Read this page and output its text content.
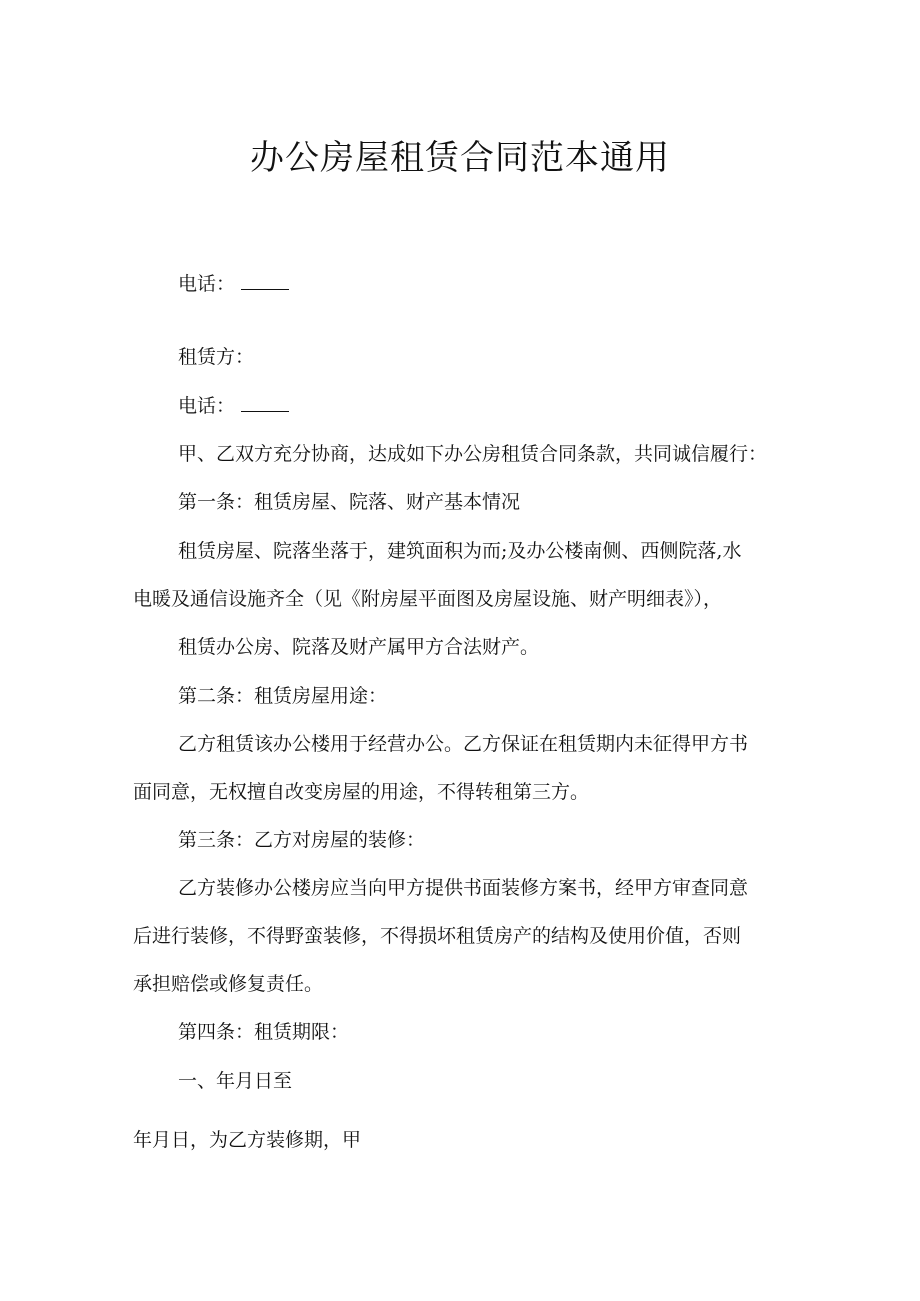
办公房屋租赁合同范本通用

电话：

租赁方：

电话：

甲、乙双方充分协商，达成如下办公房租赁合同条款，共同诚信履行：

第一条：租赁房屋、院落、财产基本情况

租赁房屋、院落坐落于，建筑面积为而;及办公楼南侧、西侧院落,水

电暖及通信设施齐全（见《附房屋平面图及房屋设施、财产明细表》），

租赁办公房、院落及财产属甲方合法财产。

第二条：租赁房屋用途：

乙方租赁该办公楼用于经营办公。乙方保证在租赁期内未征得甲方书

面同意，无权擅自改变房屋的用途，不得转租第三方。

第三条：乙方对房屋的装修：

乙方装修办公楼房应当向甲方提供书面装修方案书，经甲方审查同意

后进行装修，不得野蛮装修，不得损坏租赁房产的结构及使用价值，否则

承担赔偿或修复责任。

第四条：租赁期限：

一、年月日至

年月日，为乙方装修期，甲
